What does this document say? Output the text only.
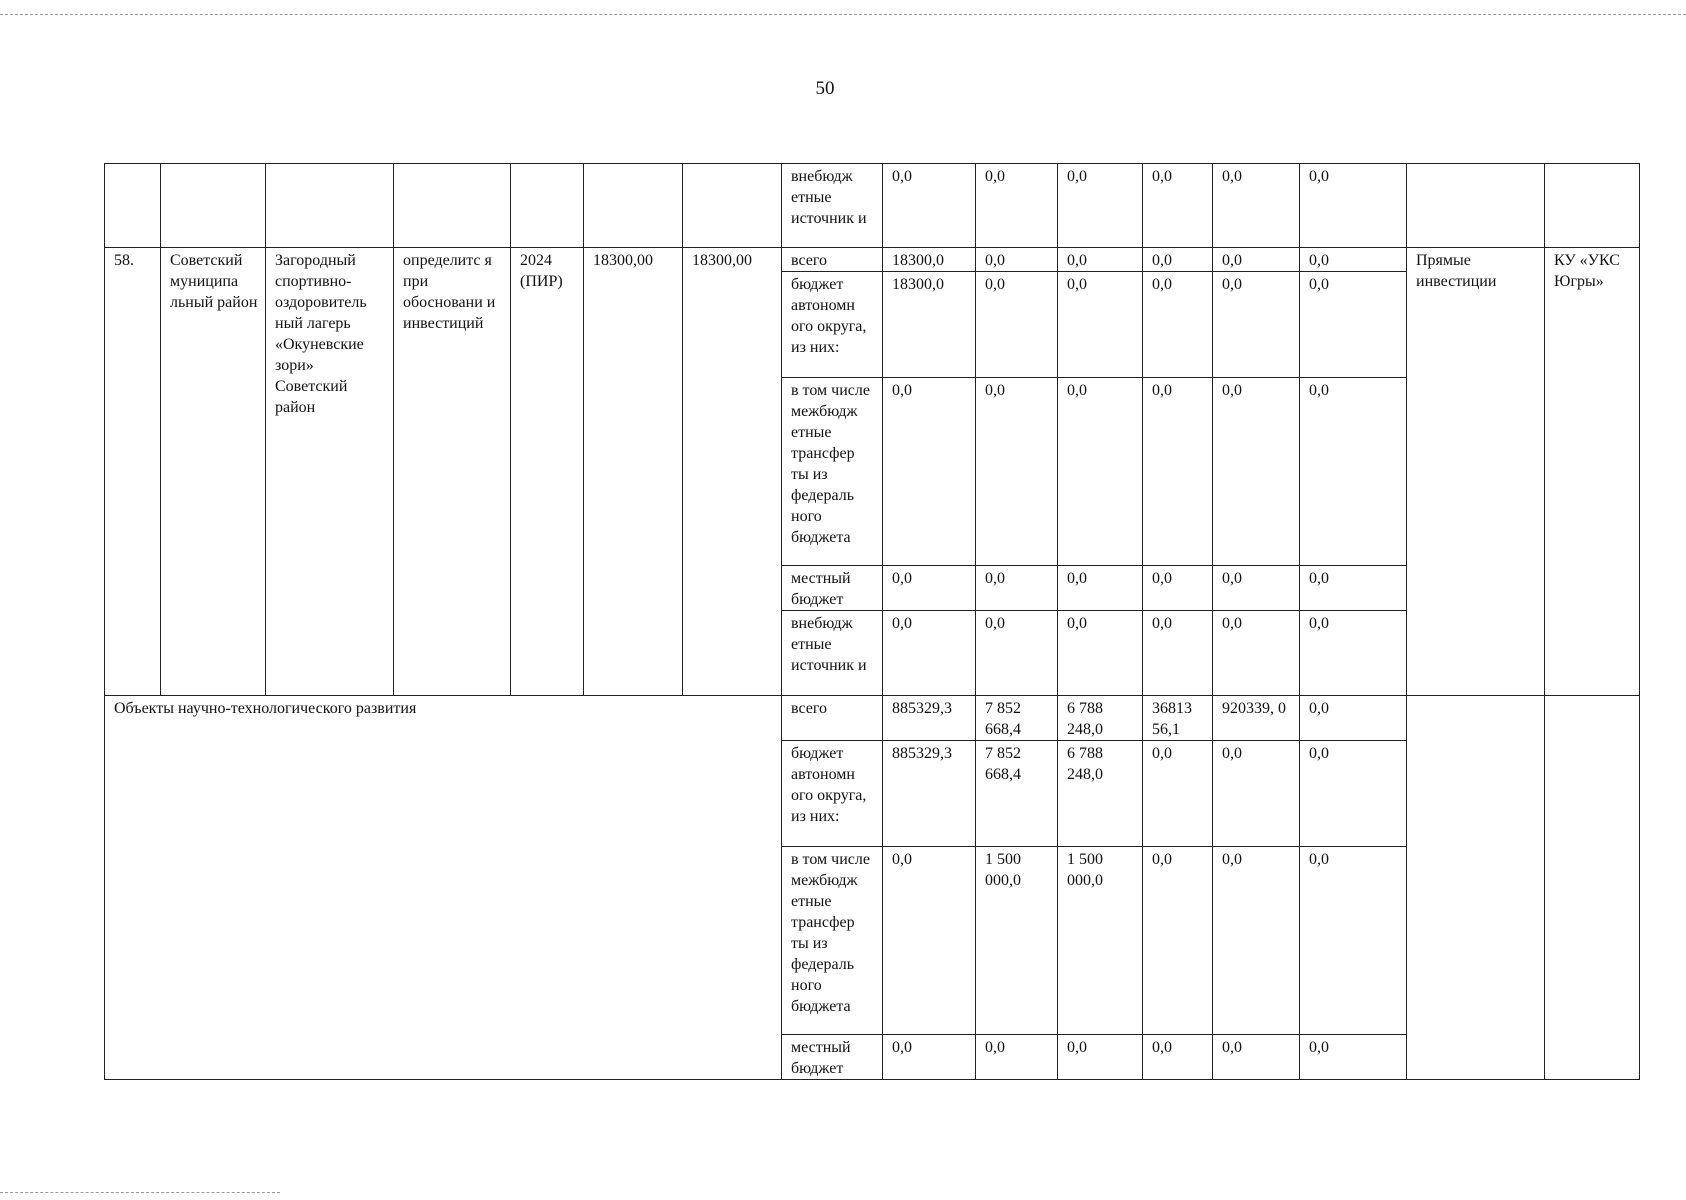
50
							внебюдж етные источник и	0,0	0,0	0,0	0,0	0,0	0,0		
58.	Советский муниципа льный район	Загородный спортивно-оздоровитель ный лагерь «Окуневские зори» Советский район	определитс я при обосновани и инвестиций	2024 (ПИР)	18300,00	18300,00	всего	18300,0	0,0	0,0	0,0	0,0	0,0	Прямые инвестиции	КУ «УКС Югры»
							бюджет автономн ого округа, из них:	18300,0	0,0	0,0	0,0	0,0	0,0		
							в том числе межбюдж етные трансфер ты из федераль ного бюджета	0,0	0,0	0,0	0,0	0,0	0,0		
							местный бюджет	0,0	0,0	0,0	0,0	0,0	0,0		
							внебюдж етные источник и	0,0	0,0	0,0	0,0	0,0	0,0		
Объекты научно-технологического развития							всего	885329,3	7 852 668,4	6 788 248,0	36813 56,1	920339, 0	0,0		
							бюджет автономн ого округа, из них:	885329,3	7 852 668,4	6 788 248,0	0,0	0,0	0,0		
							в том числе межбюдж етные трансфер ты из федераль ного бюджета	0,0	1 500 000,0	1 500 000,0	0,0	0,0	0,0		
							местный бюджет	0,0	0,0	0,0	0,0	0,0	0,0		
